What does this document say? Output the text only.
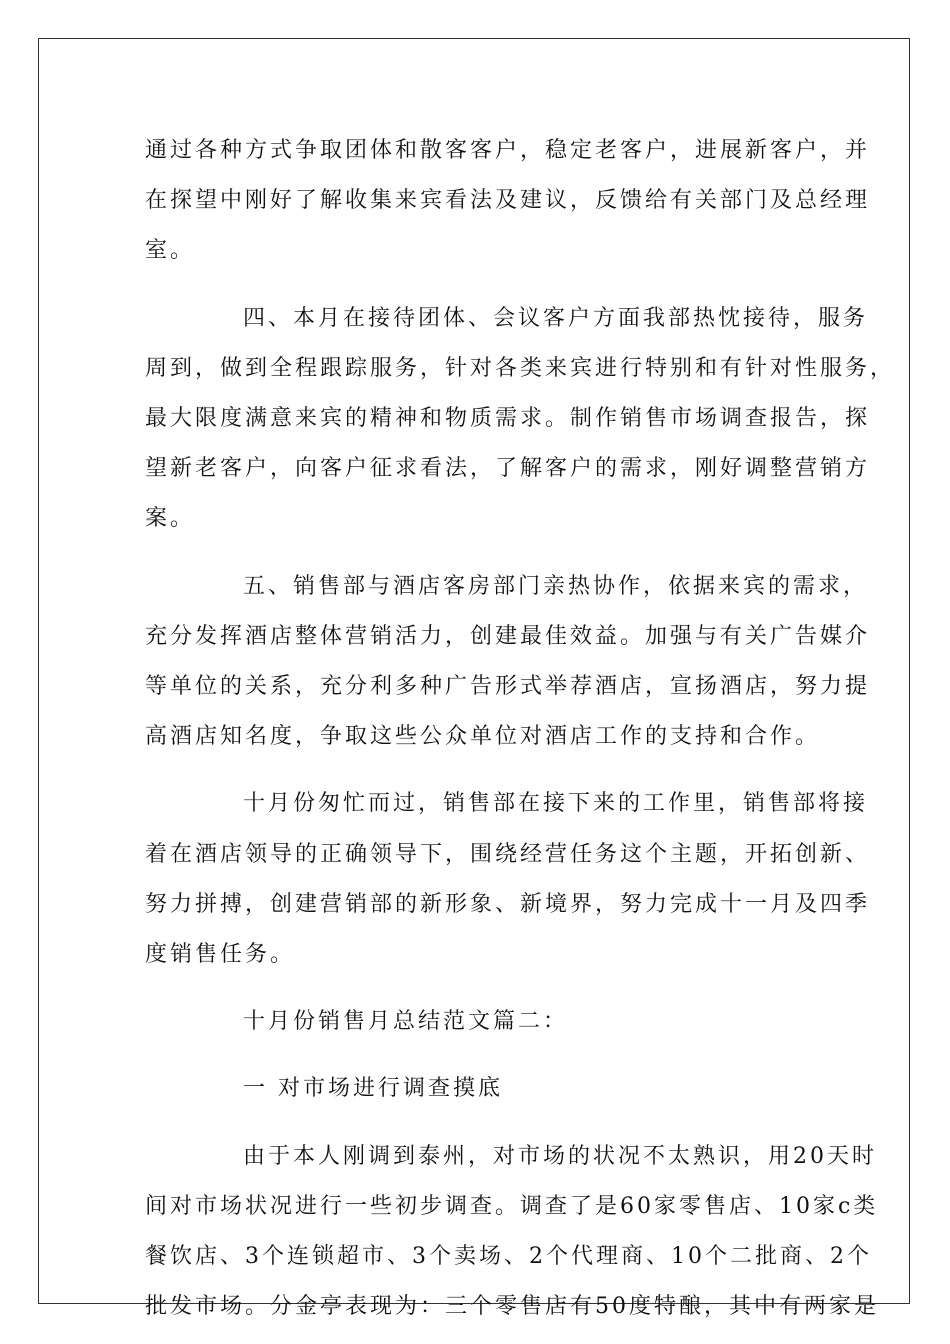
通过各种方式争取团体和散客客户，稳定老客户，进展新客户，并
在探望中刚好了解收集来宾看法及建议，反馈给有关部门及总经理
室。
四、本月在接待团体、会议客户方面我部热忱接待，服务
周到，做到全程跟踪服务，针对各类来宾进行特别和有针对性服务，
最大限度满意来宾的精神和物质需求。制作销售市场调查报告，探
望新老客户，向客户征求看法，了解客户的需求，刚好调整营销方
案。
五、销售部与酒店客房部门亲热协作，依据来宾的需求，
充分发挥酒店整体营销活力，创建最佳效益。加强与有关广告媒介
等单位的关系，充分利多种广告形式举荐酒店，宣扬酒店，努力提
高酒店知名度，争取这些公众单位对酒店工作的支持和合作。
十月份匆忙而过，销售部在接下来的工作里，销售部将接
着在酒店领导的正确领导下，围绕经营任务这个主题，开拓创新、
努力拼搏，创建营销部的新形象、新境界，努力完成十一月及四季
度销售任务。
十月份销售月总结范文篇二：
一 对市场进行调查摸底
由于本人刚调到泰州，对市场的状况不太熟识，用20天时
间对市场状况进行一些初步调查。调查了是60家零售店、10家c类
餐饮店、3个连锁超市、3个卖场、2个代理商、10个二批商、2个
批发市场。分金亭表现为：三个零售店有50度特酿，其中有两家是
